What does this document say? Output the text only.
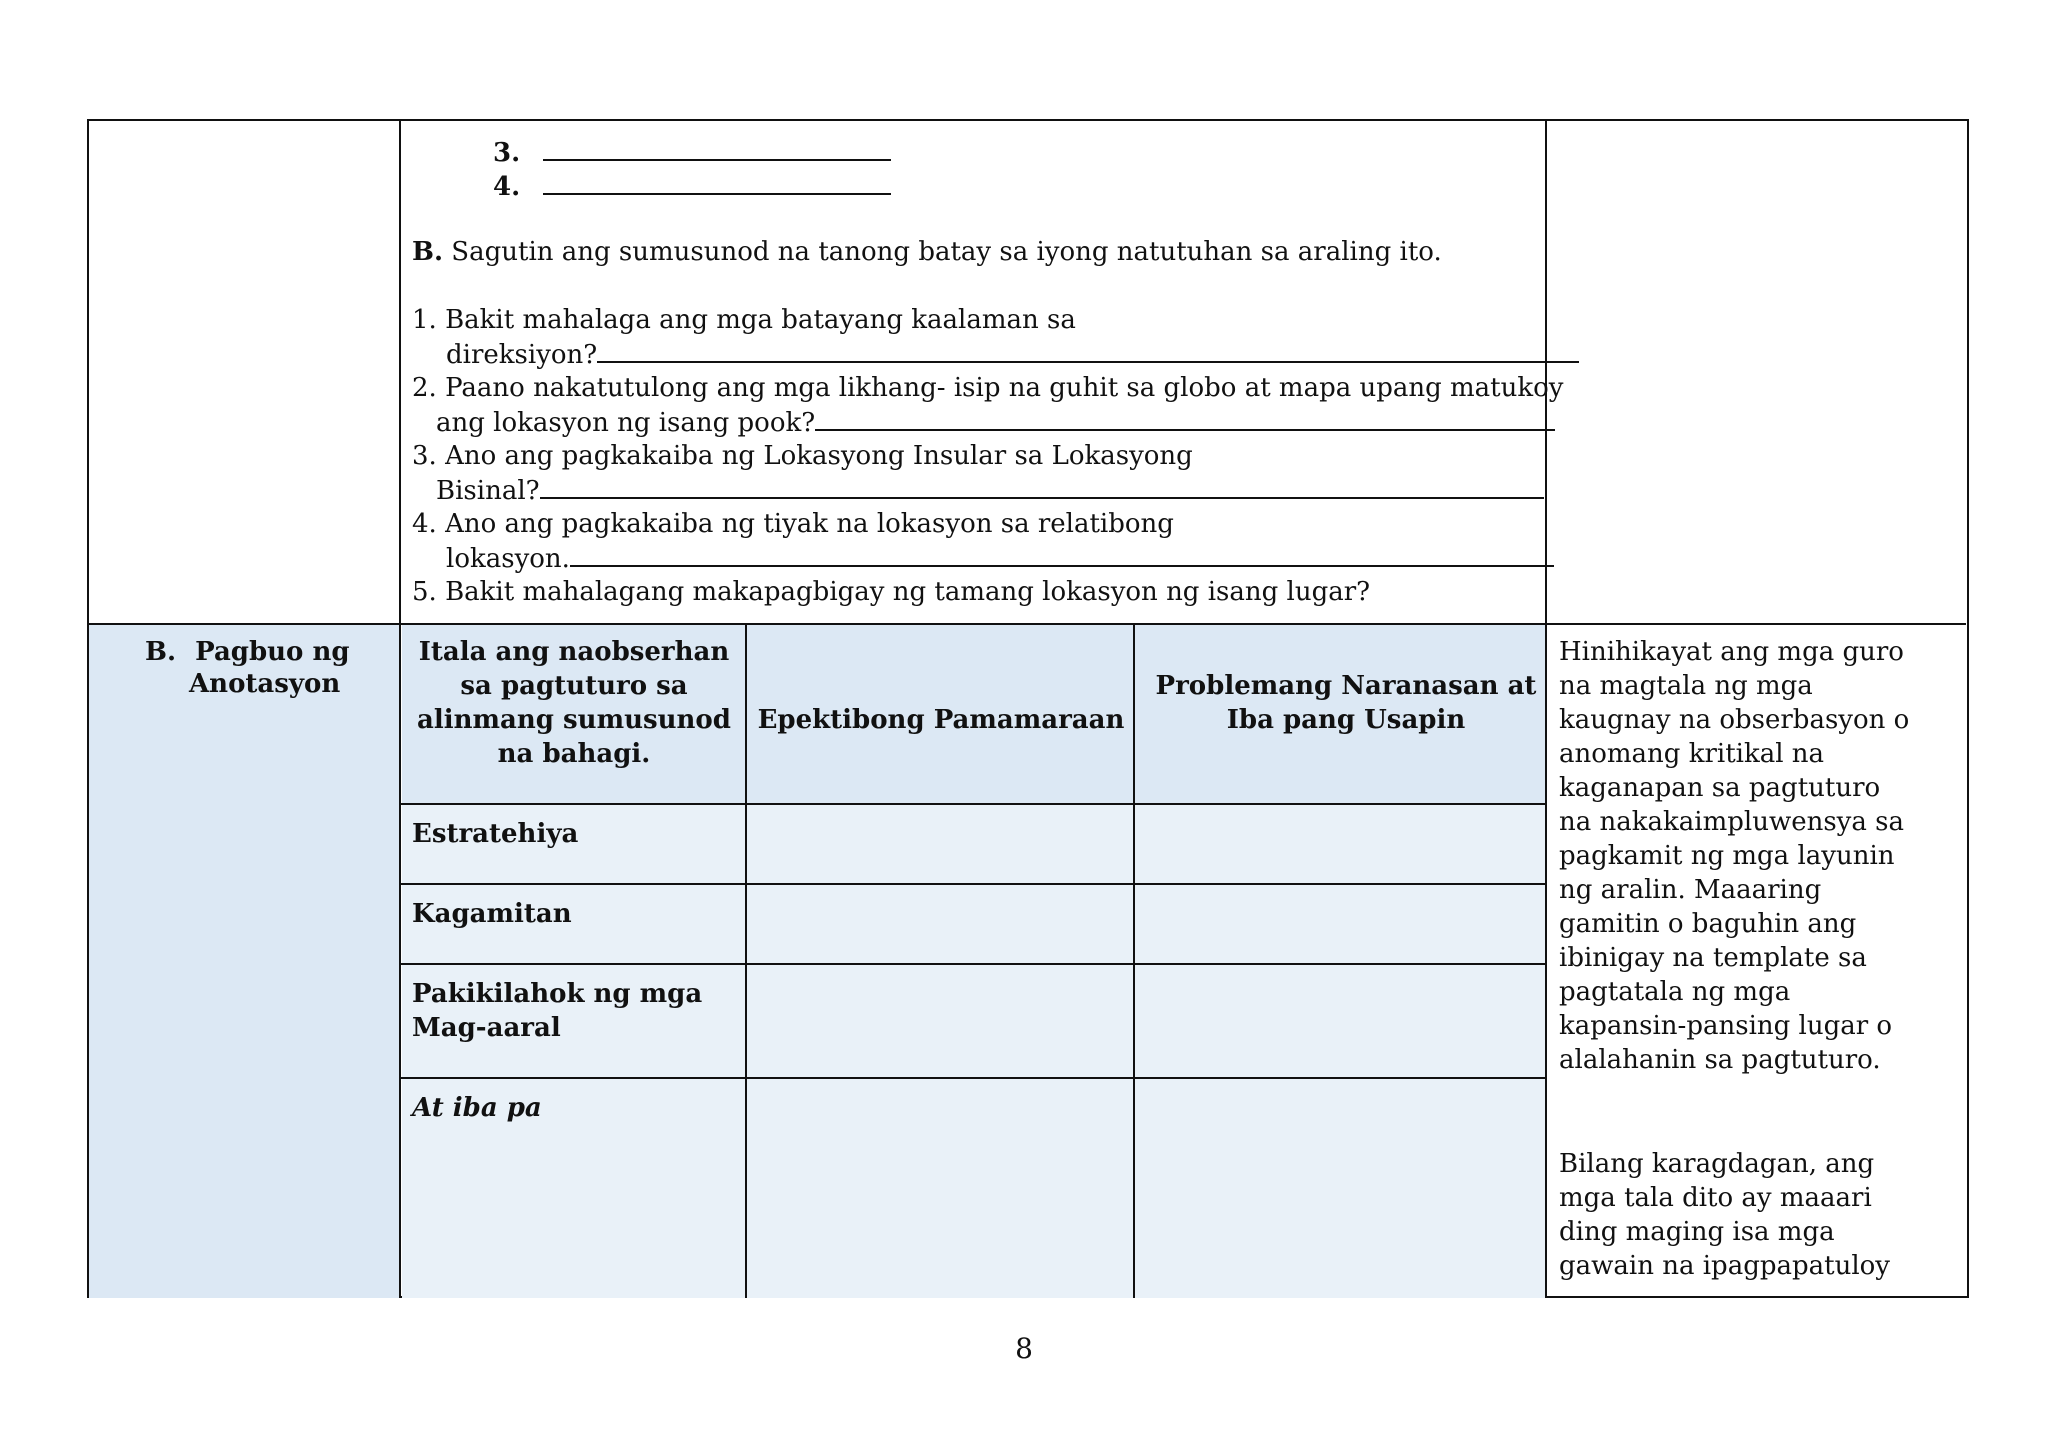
3.
4.
B. Sagutin ang sumusunod na tanong batay sa iyong natutuhan sa araling ito.
1. Bakit mahalaga ang mga batayang kaalaman sa
direksiyon?
2. Paano nakatutulong ang mga likhang- isip na guhit sa globo at mapa upang matukoy
ang lokasyon ng isang pook?
3. Ano ang pagkakaiba ng Lokasyong Insular sa Lokasyong
Bisinal?
4. Ano ang pagkakaiba ng tiyak na lokasyon sa relatibong
lokasyon.
5. Bakit mahalagang makapagbigay ng tamang lokasyon ng isang lugar?
B. Pagbuo ng
Anotasyon
Itala ang naobserhan sa pagtuturo sa alinmang sumusunod na bahagi.
Epektibong Pamamaraan
Problemang Naranasan at Iba pang Usapin
Estratehiya
Kagamitan
Pakikilahok ng mga Mag-aaral
At iba pa
Hinihikayat ang mga guro
na magtala ng mga
kaugnay na obserbasyon o
anomang kritikal na
kaganapan sa pagtuturo
na nakakaimpluwensya sa
pagkamit ng mga layunin
ng aralin. Maaaring
gamitin o baguhin ang
ibinigay na template sa
pagtatala ng mga
kapansin-pansing lugar o
alalahanin sa pagtuturo.
Bilang karagdagan, ang
mga tala dito ay maaari
ding maging isa mga
gawain na ipagpapatuloy
8
